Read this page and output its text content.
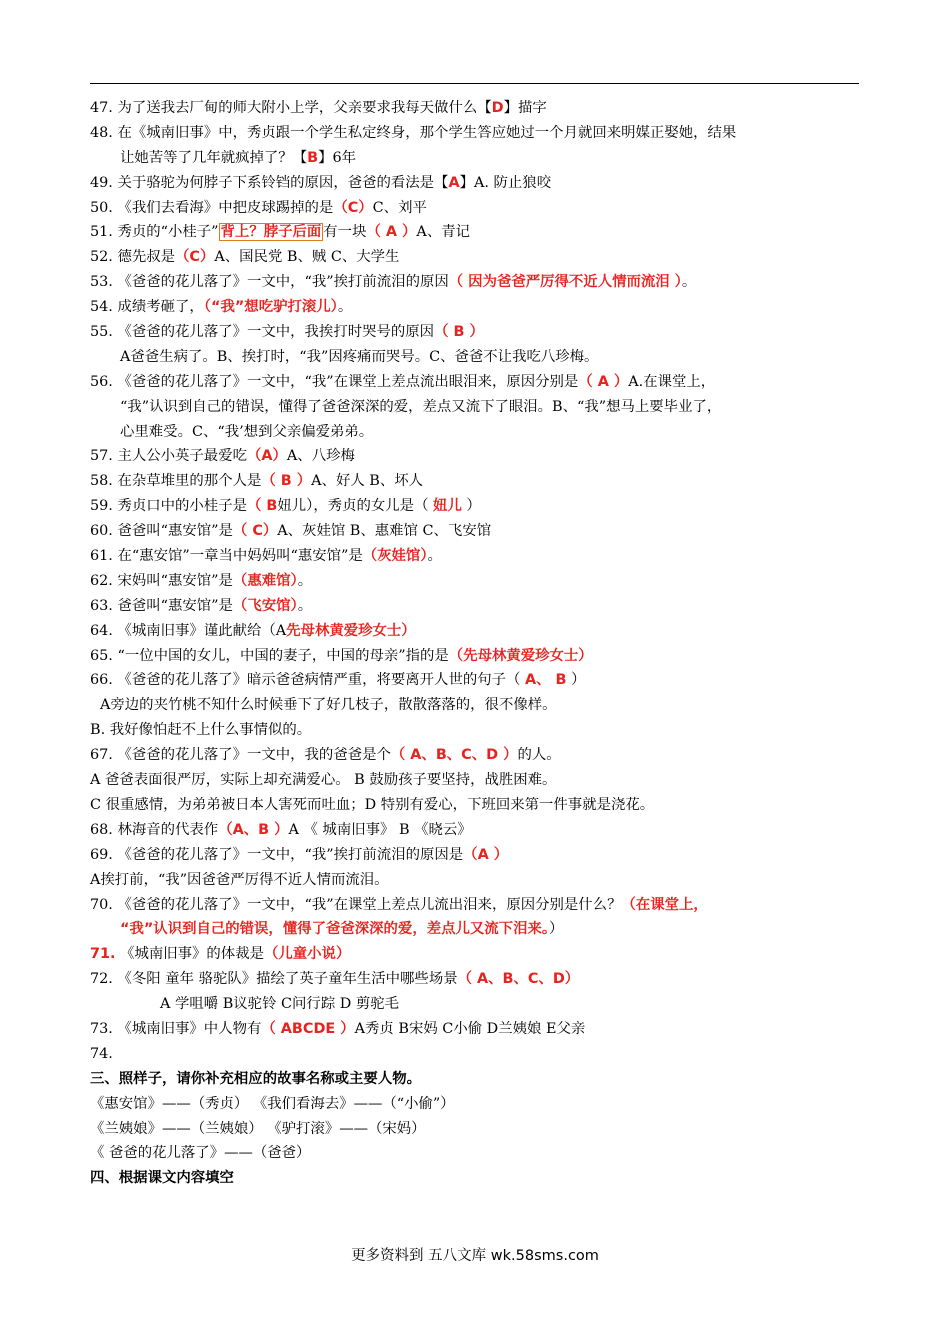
47. 为了送我去厂甸的师大附小上学，父亲要求我每天做什么【D】描字
48. 在《城南旧事》中，秀贞跟一个学生私定终身，那个学生答应她过一个月就回来明媒正娶她，结果
让她苦等了几年就疯掉了？【B】6年
49. 关于骆驼为何脖子下系铃铛的原因，爸爸的看法是【A】A. 防止狼咬
50. 《我们去看海》中把皮球踢掉的是（C）C、刘平
51. 秀贞的“小桂子” 背上？脖子后面 有一块（ A ）A、青记
52. 德先叔是（C）A、国民党 B、贼 C、大学生
53. 《爸爸的花儿落了》一文中，“我”挨打前流泪的原因（ 因为爸爸严厉得不近人情而流泪 ）。
54. 成绩考砸了，（“我”想吃驴打滚儿）。
55. 《爸爸的花儿落了》一文中，我挨打时哭号的原因（ B ）
A爸爸生病了。B、挨打时，“我”因疼痛而哭号。C、爸爸不让我吃八珍梅。
56. 《爸爸的花儿落了》一文中，“我”在课堂上差点流出眼泪来，原因分别是（ A ）A.在课堂上，
“我”认识到自己的错误，懂得了爸爸深深的爱，差点又流下了眼泪。B、“我”想马上要毕业了，
心里难受。C、“我’想到父亲偏爱弟弟。
57. 主人公小英子最爱吃（A）A、八珍梅
58. 在杂草堆里的那个人是（ B ）A、好人 B、坏人
59. 秀贞口中的小桂子是（ B妞儿），秀贞的女儿是（ 妞儿 ）
60. 爸爸叫“惠安馆”是（ C）A、灰娃馆 B、惠难馆 C、飞安馆
61. 在“惠安馆”一章当中妈妈叫“惠安馆”是（灰娃馆）。
62. 宋妈叫“惠安馆”是（惠难馆）。
63. 爸爸叫“惠安馆”是（飞安馆）。
64. 《城南旧事》谨此献给（A先母林黄爱珍女士）
65. “一位中国的女儿，中国的妻子，中国的母亲”指的是（先母林黄爱珍女士）
66. 《爸爸的花儿落了》暗示爸爸病情严重，将要离开人世的句子（ A、 B ）
A旁边的夹竹桃不知什么时候垂下了好几枝子，散散落落的，很不像样。
B. 我好像怕赶不上什么事情似的。
67. 《爸爸的花儿落了》一文中，我的爸爸是个（ A、B、C、D ）的人。
A 爸爸表面很严厉，实际上却充满爱心。 B 鼓励孩子要坚持，战胜困难。
C 很重感情，为弟弟被日本人害死而吐血；D 特别有爱心，下班回来第一件事就是浇花。
68. 林海音的代表作（A、B ）A 《 城南旧事》 B 《晓云》
69. 《爸爸的花儿落了》一文中，“我”挨打前流泪的原因是（A ）
A挨打前，“我”因爸爸严厉得不近人情而流泪。
70. 《爸爸的花儿落了》一文中，“我”在课堂上差点儿流出泪来，原因分别是什么？（在课堂上，
“我”认识到自己的错误，懂得了爸爸深深的爱，差点儿又流下泪来。）
71. 《城南旧事》的体裁是（儿童小说）
72. 《冬阳 童年 骆驼队》描绘了英子童年生活中哪些场景（ A、B、C、D）
A 学咀嚼 B议驼铃 C问行踪 D 剪驼毛
73. 《城南旧事》中人物有（ ABCDE ）A秀贞 B宋妈 C小偷 D兰姨娘 E父亲
74.
三、照样子，请你补充相应的故事名称或主要人物。
《惠安馆》——（秀贞） 《我们看海去》——（“小偷”）
《兰姨娘》——（兰姨娘） 《驴打滚》——（宋妈）
《 爸爸的花儿落了》——（爸爸）
四、根据课文内容填空
更多资料到 五八文库 wk.58sms.com
